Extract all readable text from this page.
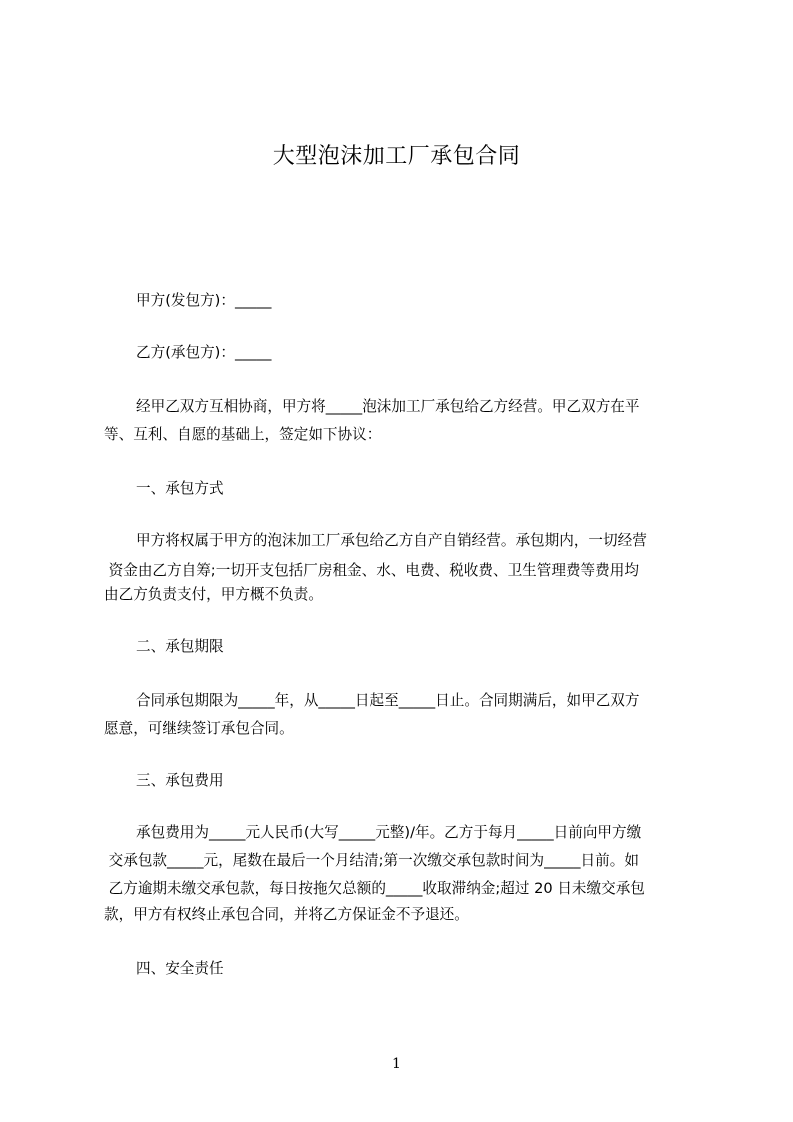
大型泡沫加工厂承包合同
甲方(发包方)：_____
乙方(承包方)：_____
经甲乙双方互相协商，甲方将_____泡沫加工厂承包给乙方经营。甲乙双方在平
等、互利、自愿的基础上，签定如下协议：
一、承包方式
甲方将权属于甲方的泡沫加工厂承包给乙方自产自销经营。承包期内，一切经营
资金由乙方自筹;一切开支包括厂房租金、水、电费、税收费、卫生管理费等费用均
由乙方负责支付，甲方概不负责。
二、承包期限
合同承包期限为_____年，从_____日起至_____日止。合同期满后，如甲乙双方
愿意，可继续签订承包合同。
三、承包费用
承包费用为_____元人民币(大写_____元整)/年。乙方于每月_____日前向甲方缴
交承包款_____元，尾数在最后一个月结清;第一次缴交承包款时间为_____日前。如
乙方逾期未缴交承包款，每日按拖欠总额的_____收取滞纳金;超过 20 日未缴交承包
款，甲方有权终止承包合同，并将乙方保证金不予退还。
四、安全责任
1
